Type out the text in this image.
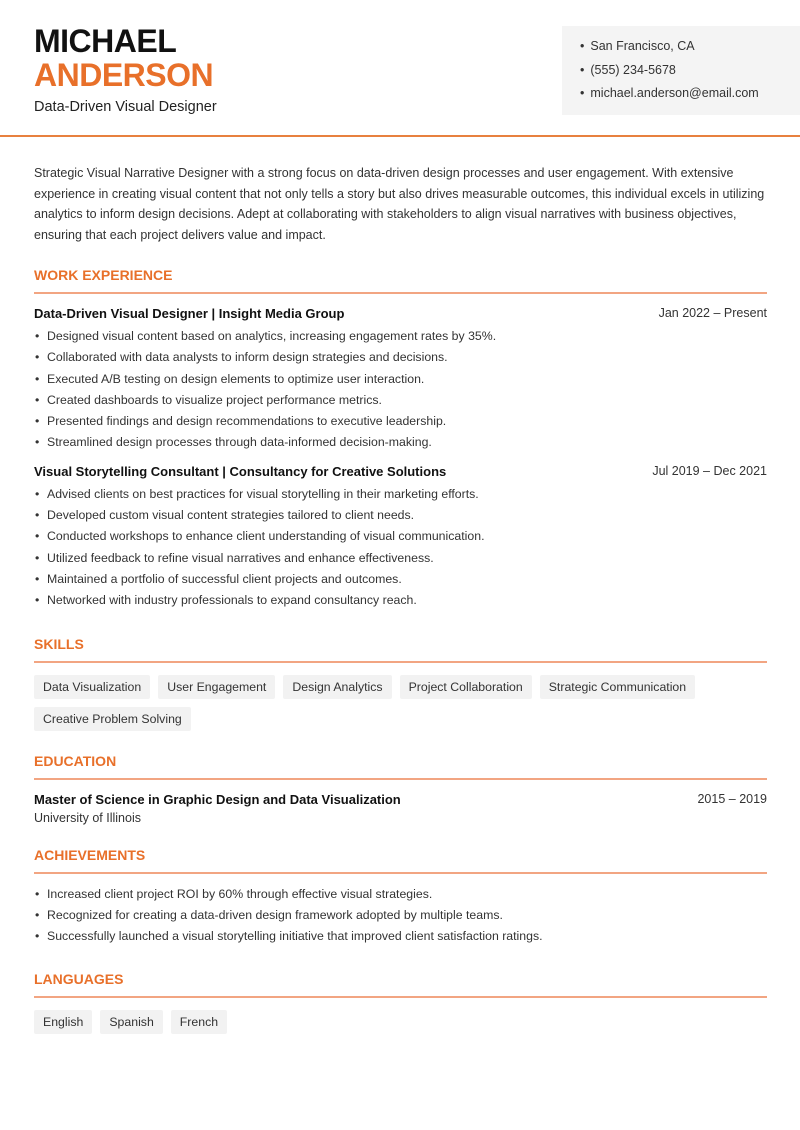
MICHAEL
ANDERSON
Data-Driven Visual Designer
• San Francisco, CA
• (555) 234-5678
• michael.anderson@email.com

Strategic Visual Narrative Designer with a strong focus on data-driven design processes and user engagement. With extensive experience in creating visual content that not only tells a story but also drives measurable outcomes, this individual excels in utilizing analytics to inform design decisions. Adept at collaborating with stakeholders to align visual narratives with business objectives, ensuring that each project delivers value and impact.

WORK EXPERIENCE
Data-Driven Visual Designer | Insight Media Group	Jan 2022 – Present
• Designed visual content based on analytics, increasing engagement rates by 35%.
• Collaborated with data analysts to inform design strategies and decisions.
• Executed A/B testing on design elements to optimize user interaction.
• Created dashboards to visualize project performance metrics.
• Presented findings and design recommendations to executive leadership.
• Streamlined design processes through data-informed decision-making.
Visual Storytelling Consultant | Consultancy for Creative Solutions	Jul 2019 – Dec 2021
• Advised clients on best practices for visual storytelling in their marketing efforts.
• Developed custom visual content strategies tailored to client needs.
• Conducted workshops to enhance client understanding of visual communication.
• Utilized feedback to refine visual narratives and enhance effectiveness.
• Maintained a portfolio of successful client projects and outcomes.
• Networked with industry professionals to expand consultancy reach.
SKILLS
Data Visualization	User Engagement	Design Analytics	Project Collaboration	Strategic Communication
Creative Problem Solving
EDUCATION
Master of Science in Graphic Design and Data Visualization	2015 – 2019
University of Illinois
ACHIEVEMENTS
• Increased client project ROI by 60% through effective visual strategies.
• Recognized for creating a data-driven design framework adopted by multiple teams.
• Successfully launched a visual storytelling initiative that improved client satisfaction ratings.
LANGUAGES
English	Spanish	French
